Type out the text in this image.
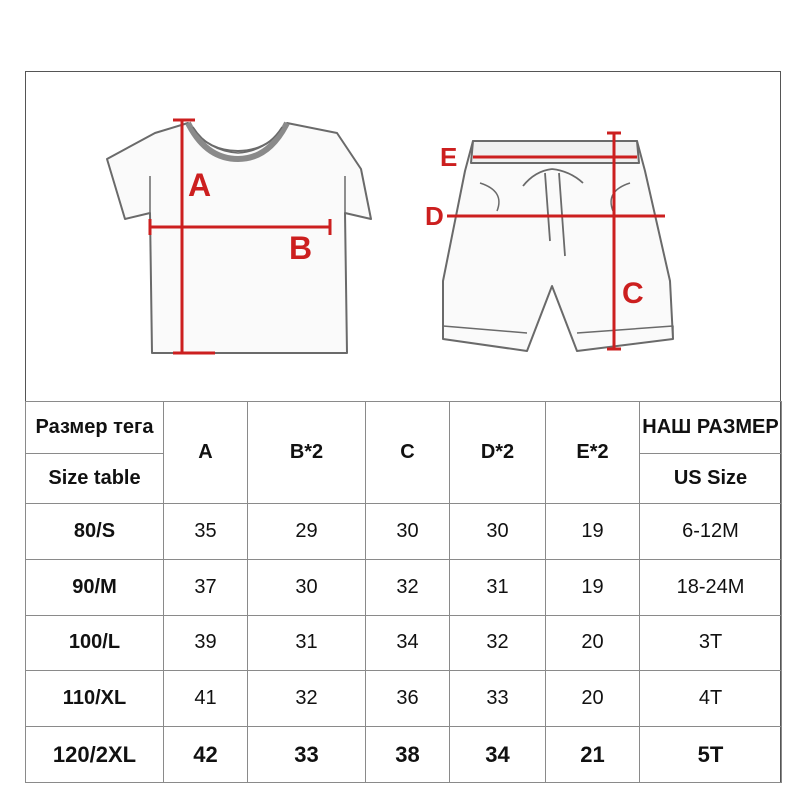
A
B
E
D
C
Размер тега	A	B*2	C	D*2	E*2	НАШ РАЗМЕР
Size table						US Size
80/S	35	29	30	30	19	6-12M
90/M	37	30	32	31	19	18-24M
100/L	39	31	34	32	20	3T
110/XL	41	32	36	33	20	4T
120/2XL	42	33	38	34	21	5T
